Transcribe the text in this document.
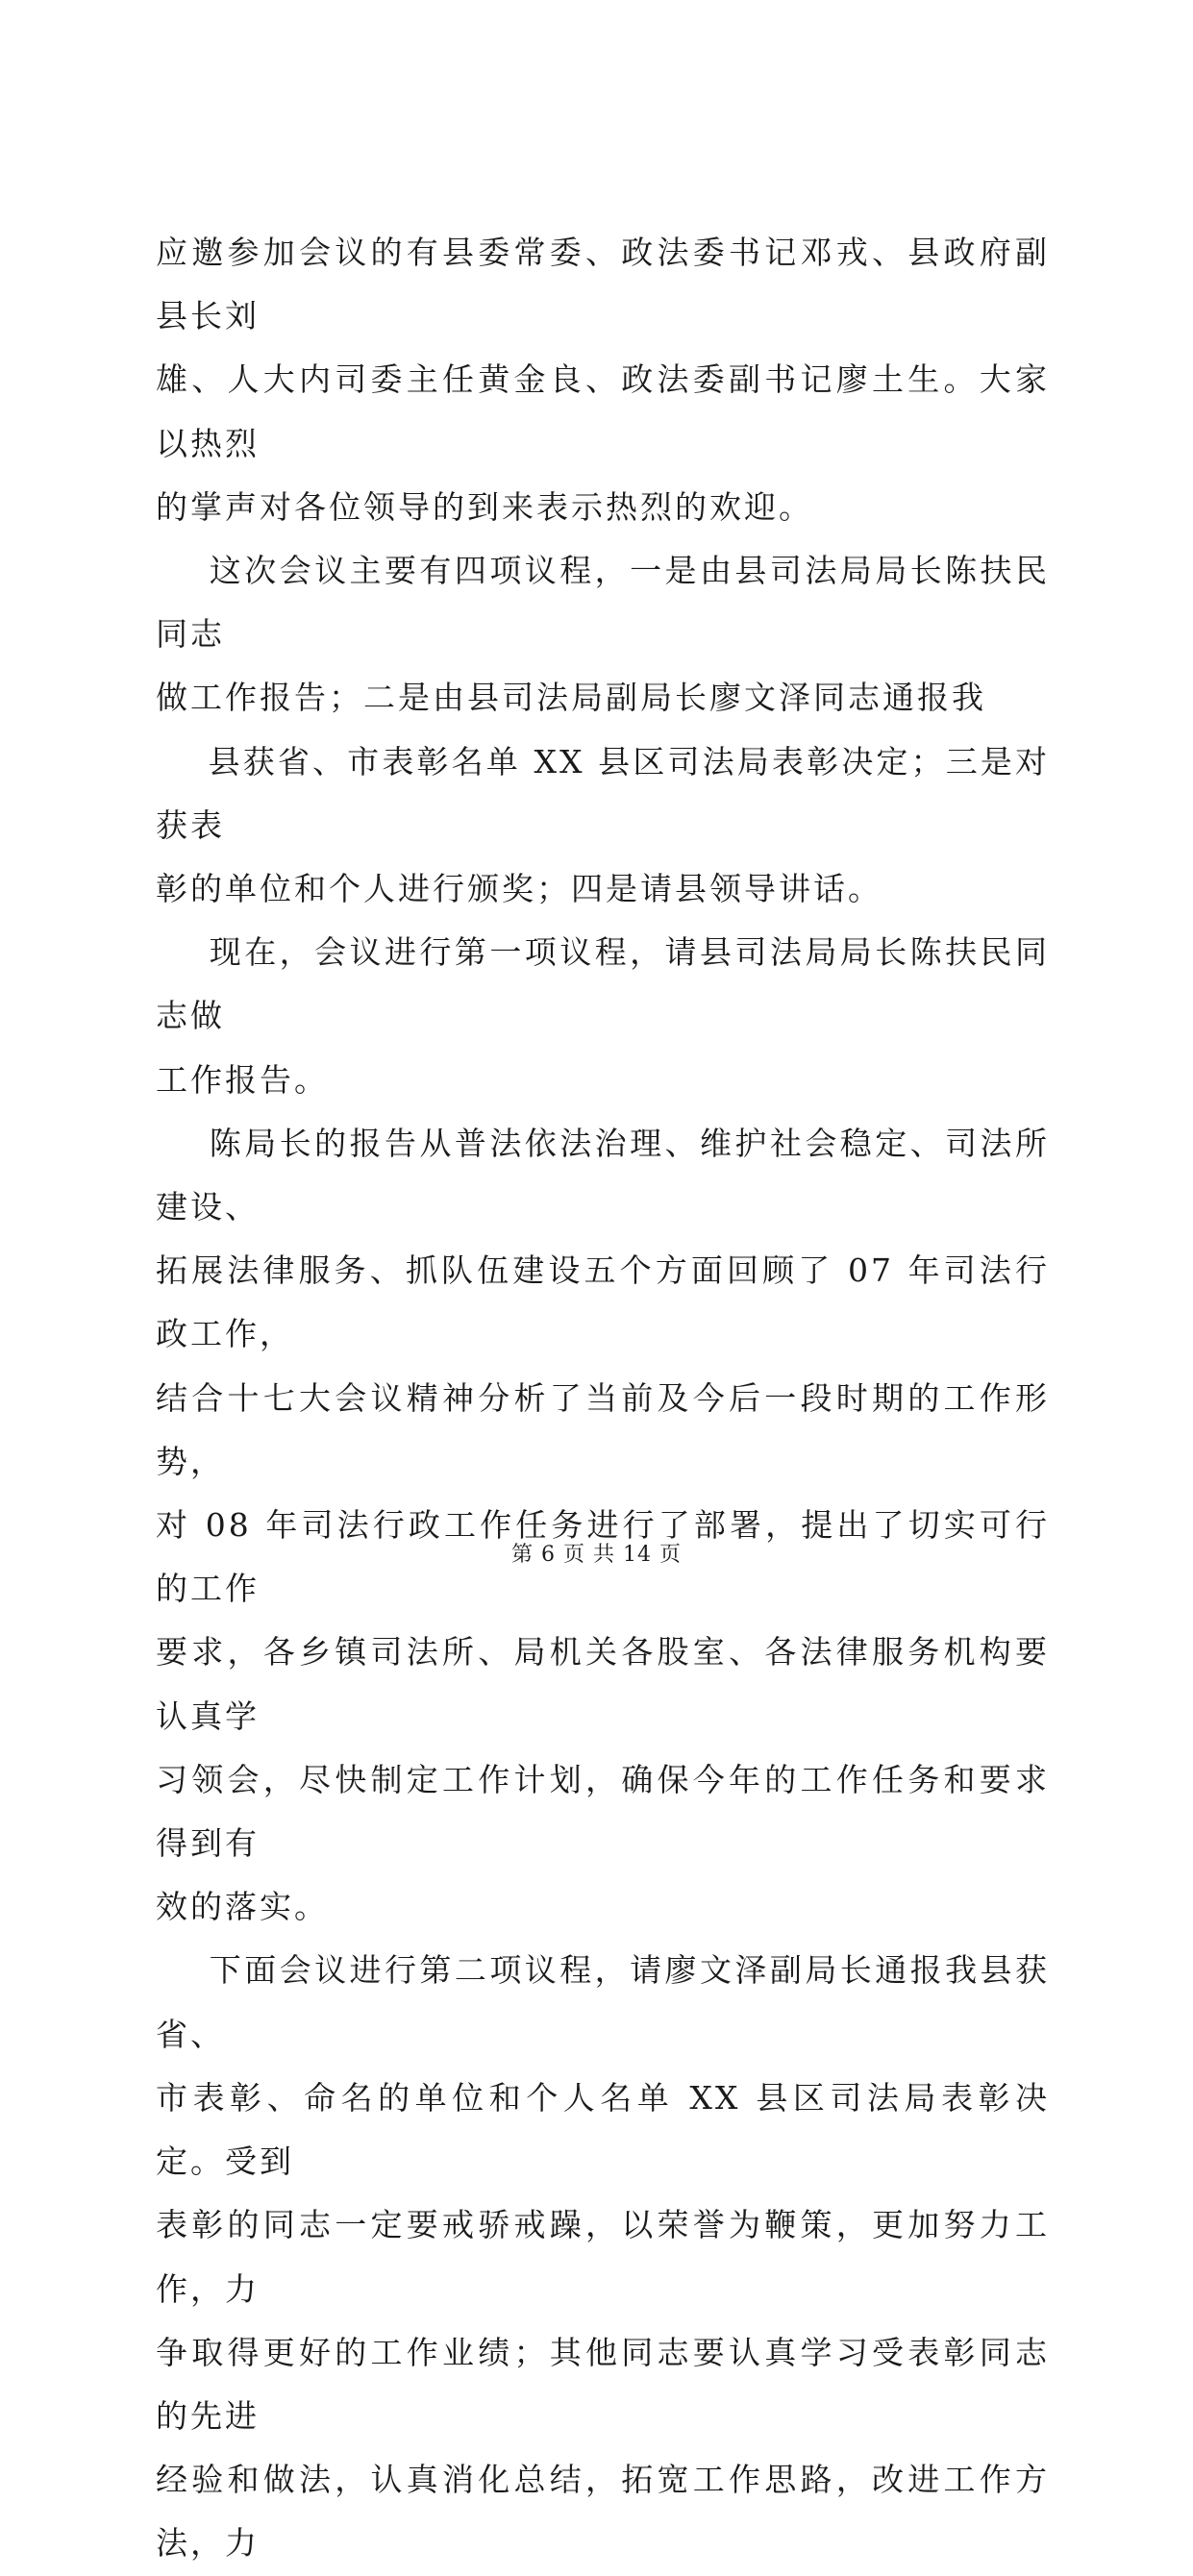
应邀参加会议的有县委常委、政法委书记邓戎、县政府副县长刘

雄、人大内司委主任黄金良、政法委副书记廖土生。大家以热烈

的掌声对各位领导的到来表示热烈的欢迎。

这次会议主要有四项议程，一是由县司法局局长陈扶民同志

做工作报告；二是由县司法局副局长廖文泽同志通报我

县获省、市表彰名单 XX 县区司法局表彰决定；三是对获表

彰的单位和个人进行颁奖；四是请县领导讲话。

现在，会议进行第一项议程，请县司法局局长陈扶民同志做

工作报告。

陈局长的报告从普法依法治理、维护社会稳定、司法所建设、

拓展法律服务、抓队伍建设五个方面回顾了 07 年司法行政工作，

结合十七大会议精神分析了当前及今后一段时期的工作形势，

对 08 年司法行政工作任务进行了部署，提出了切实可行的工作

要求，各乡镇司法所、局机关各股室、各法律服务机构要认真学

习领会，尽快制定工作计划，确保今年的工作任务和要求得到有

效的落实。

下面会议进行第二项议程，请廖文泽副局长通报我县获省、

市表彰、命名的单位和个人名单 XX 县区司法局表彰决定。受到

表彰的同志一定要戒骄戒躁，以荣誉为鞭策，更加努力工作，力

争取得更好的工作业绩；其他同志要认真学习受表彰同志的先进

经验和做法，认真消化总结，拓宽工作思路，改进工作方法，力

第 6 页 共 14 页
